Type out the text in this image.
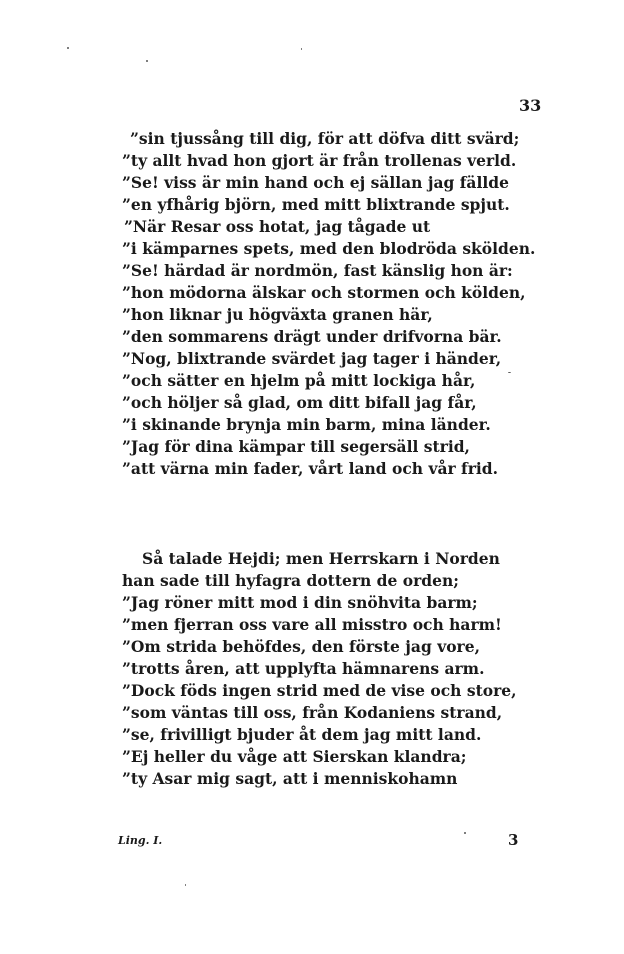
33
”sin tjussång till dig, för att döfva ditt svärd;
”ty allt hvad hon gjort är från trollenas verld.
”Se! viss är min hand och ej sällan jag fällde
”en yfhårig björn, med mitt blixtrande spjut.
”När Resar oss hotat, jag tågade ut
”i kämparnes spets, med den blodröda skölden.
”Se! härdad är nordmön, fast känslig hon är:
”hon mödorna älskar och stormen och kölden,
”hon liknar ju högväxta granen här,
”den sommarens drägt under drifvorna bär.
”Nog, blixtrande svärdet jag tager i händer,
”och sätter en hjelm på mitt lockiga hår,
”och höljer så glad, om ditt bifall jag får,
”i skinande brynja min barm, mina länder.
”Jag för dina kämpar till segersäll strid,
”att värna min fader, vårt land och vår frid.
Så talade Hejdi; men Herrskarn i Norden
han sade till hyfagra dottern de orden;
”Jag röner mitt mod i din snöhvita barm;
”men fjerran oss vare all misstro och harm!
”Om strida behöfdes, den förste jag vore,
”trotts åren, att upplyfta hämnarens arm.
”Dock föds ingen strid med de vise och store,
”som väntas till oss, från Kodaniens strand,
”se, frivilligt bjuder åt dem jag mitt land.
”Ej heller du våge att Sierskan klandra;
”ty Asar mig sagt, att i menniskohamn
Ling. I.	3
